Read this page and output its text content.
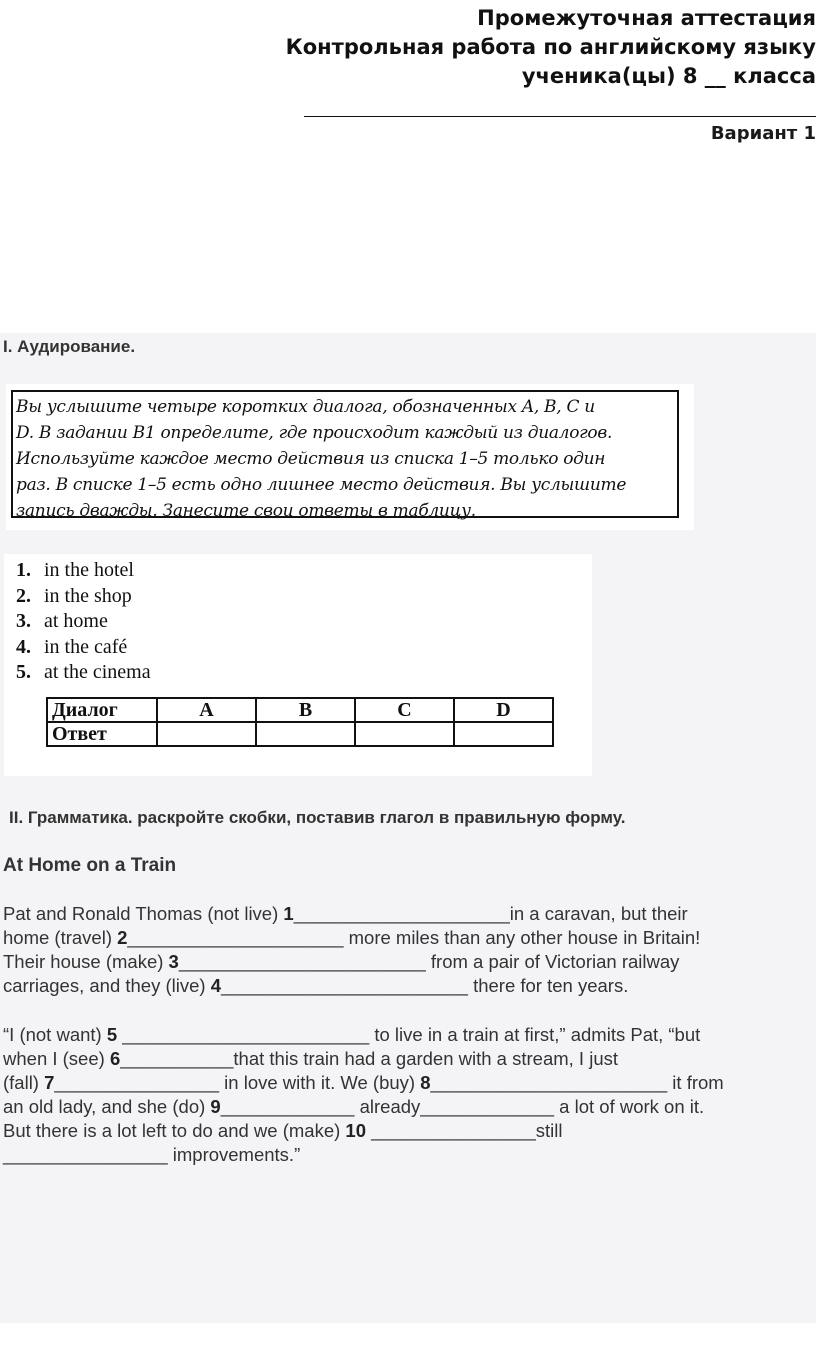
Промежуточная аттестация
Контрольная работа по английскому языку
ученика(цы) 8 __ класса
Вариант 1
I. Аудирование.
Вы услышите четыре коротких диалога, обозначенных A, B, C и
D. В задании B1 определите, где происходит каждый из диалогов.
Используйте каждое место действия из списка 1–5 только один
раз. В списке 1–5 есть одно лишнее место действия. Вы услышите
запись дважды. Занесите свои ответы в таблицу.
1. in the hotel
2. in the shop
3. at home
4. in the café
5. at the cinema
Диалог	A	B	C	D
Ответ				
II. Грамматика. раскройте скобки, поставив глагол в правильную форму.
At Home on a Train
Pat and Ronald Thomas (not live) 1_____________________in a caravan, but their
home (travel) 2_____________________ more miles than any other house in Britain!
Their house (make) 3________________________ from a pair of Victorian railway
carriages, and they (live) 4________________________ there for ten years.
“I (not want) 5 ________________________ to live in a train at first,” admits Pat, “but
when I (see) 6___________that this train had a garden with a stream, I just
(fall) 7________________ in love with it. We (buy) 8_______________________ it from
an old lady, and she (do) 9_____________ already_____________ a lot of work on it.
But there is a lot left to do and we (make) 10 ________________still
________________ improvements.”
